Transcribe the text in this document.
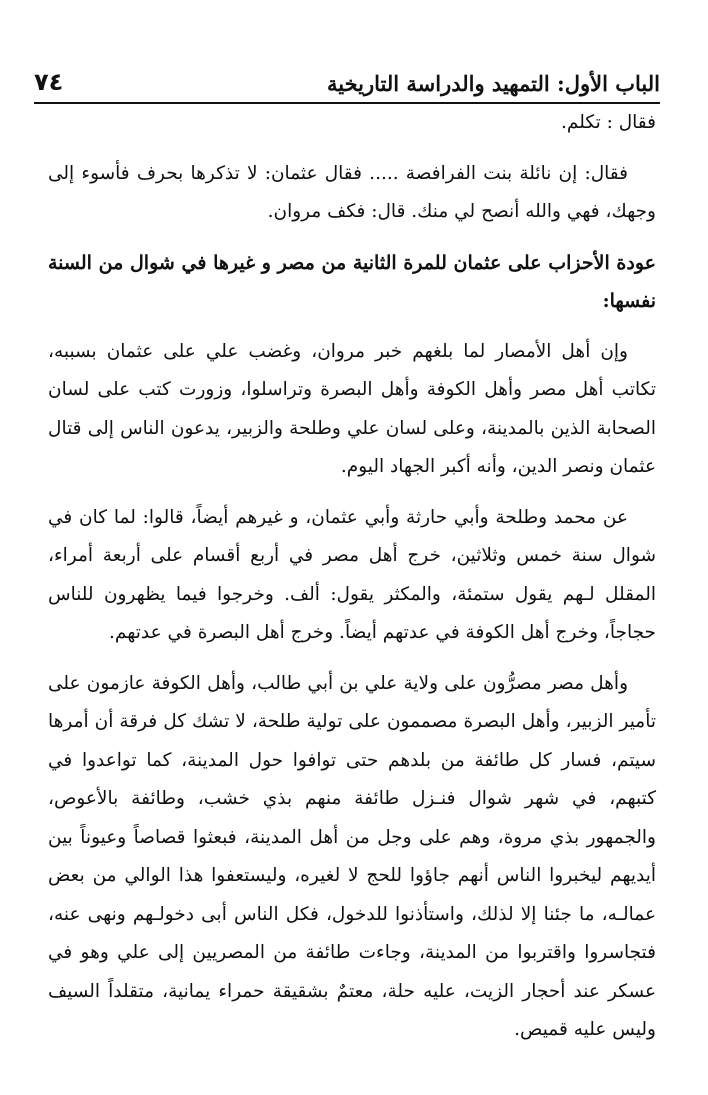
الباب الأول: التمهيد والدراسة التاريخية
٧٤

فقال : تكلم.

فقال: إن نائلة بنت الفرافصة ..... فقال عثمان: لا تذكرها بحرف فأسوء إلى وجهك، فهي والله أنصح لي منك. قال: فكف مروان.

عودة الأحزاب على عثمان للمرة الثانية من مصر و غيرها في شوال من السنة نفسها:

وإن أهل الأمصار لما بلغهم خبر مروان، وغضب علي على عثمان بسببه، تكاتب أهل مصر وأهل الكوفة وأهل البصرة وتراسلوا، وزورت كتب على لسان الصحابة الذين بالمدينة، وعلى لسان علي وطلحة والزبير، يدعون الناس إلى قتال عثمان ونصر الدين، وأنه أكبر الجهاد اليوم.

عن محمد وطلحة وأبي حارثة وأبي عثمان، و غيرهم أيضاً، قالوا: لما كان في شوال سنة خمس وثلاثين، خرج أهل مصر في أربع أقسام على أربعة أمراء، المقلل لـهم يقول ستمئة، والمكثر يقول: ألف. وخرجوا فيما يظهرون للناس حجاجاً، وخرج أهل الكوفة في عدتهم أيضاً. وخرج أهل البصرة في عدتهم.

وأهل مصر مصرُّون على ولاية علي بن أبي طالب، وأهل الكوفة عازمون على تأمير الزبير، وأهل البصرة مصممون على تولية طلحة، لا تشك كل فرقة أن أمرها سيتم، فسار كل طائفة من بلدهم حتى توافوا حول المدينة، كما تواعدوا في كتبهم، في شهر شوال فنـزل طائفة منهم بذي خشب، وطائفة بالأعوص، والجمهور بذي مروة، وهم على وجل من أهل المدينة، فبعثوا قصاصاً وعيوناً بين أيديهم ليخبروا الناس أنهم جاؤوا للحج لا لغيره، وليستعفوا هذا الوالي من بعض عمالـه، ما جئنا إلا لذلك، واستأذنوا للدخول، فكل الناس أبى دخولـهم ونهى عنه، فتجاسروا واقتربوا من المدينة، وجاءت طائفة من المصريين إلى علي وهو في عسكر عند أحجار الزيت، عليه حلة، معتمٌ بشقيقة حمراء يمانية، متقلداً السيف وليس عليه قميص.
